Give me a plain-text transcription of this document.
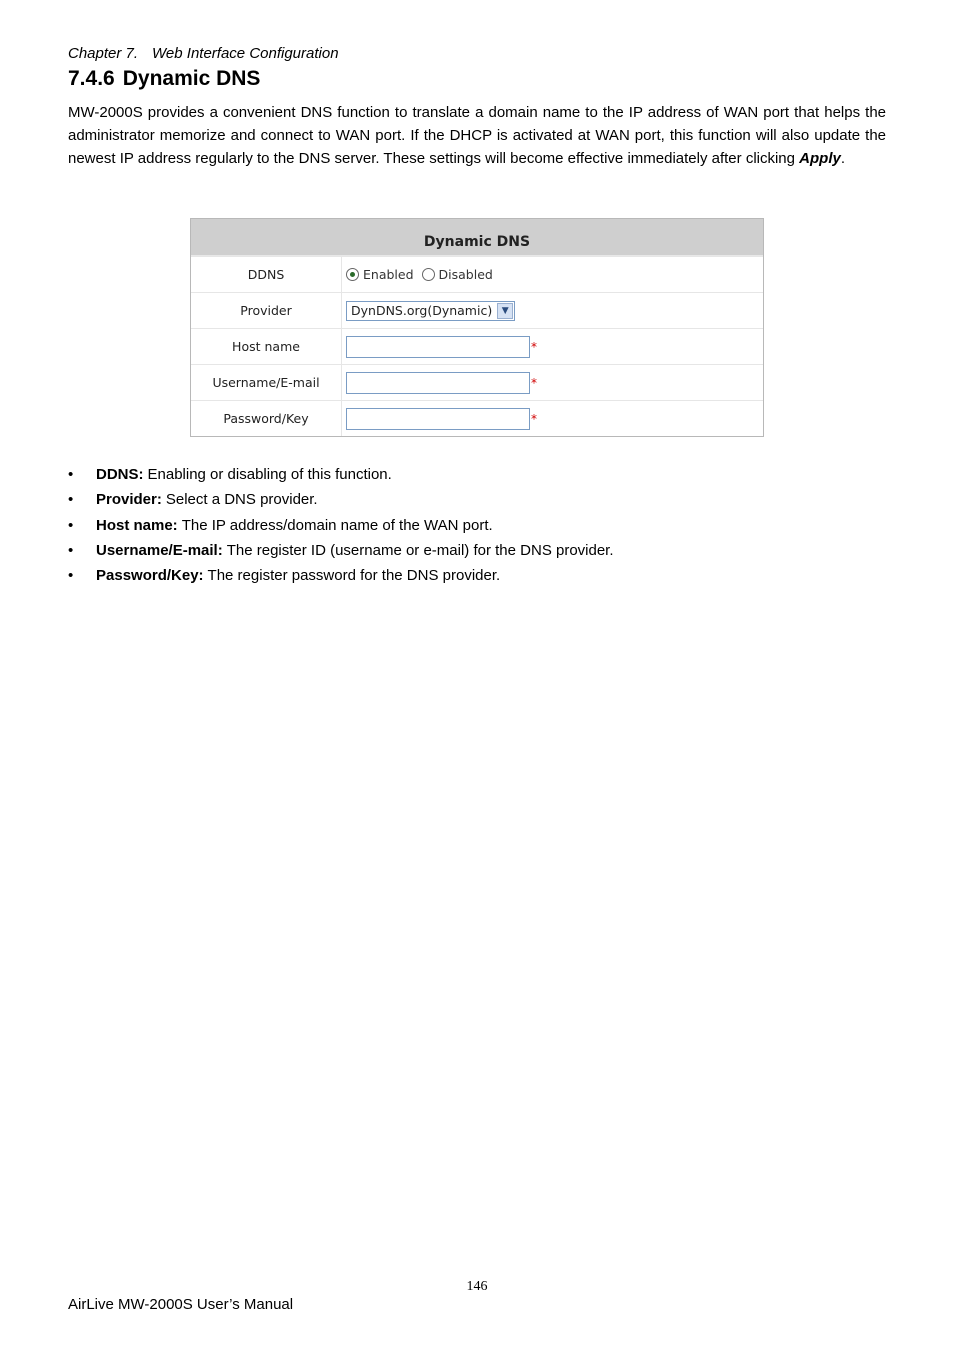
Chapter 7. Web Interface Configuration
7.4.6 Dynamic DNS

MW-2000S provides a convenient DNS function to translate a domain name to the IP address of WAN port that helps the administrator memorize and connect to WAN port. If the DHCP is activated at WAN port, this function will also update the newest IP address regularly to the DNS server. These settings will become effective immediately after clicking Apply.

Dynamic DNS
DDNS	Enabled Disabled
Provider	DynDNS.org(Dynamic)	▼
Host name	*
Username/E-mail	*
Password/Key	*
•	DDNS: Enabling or disabling of this function.
•	Provider: Select a DNS provider.
•	Host name: The IP address/domain name of the WAN port.
•	Username/E-mail: The register ID (username or e-mail) for the DNS provider.
•	Password/Key: The register password for the DNS provider.
146
AirLive MW-2000S User’s Manual
